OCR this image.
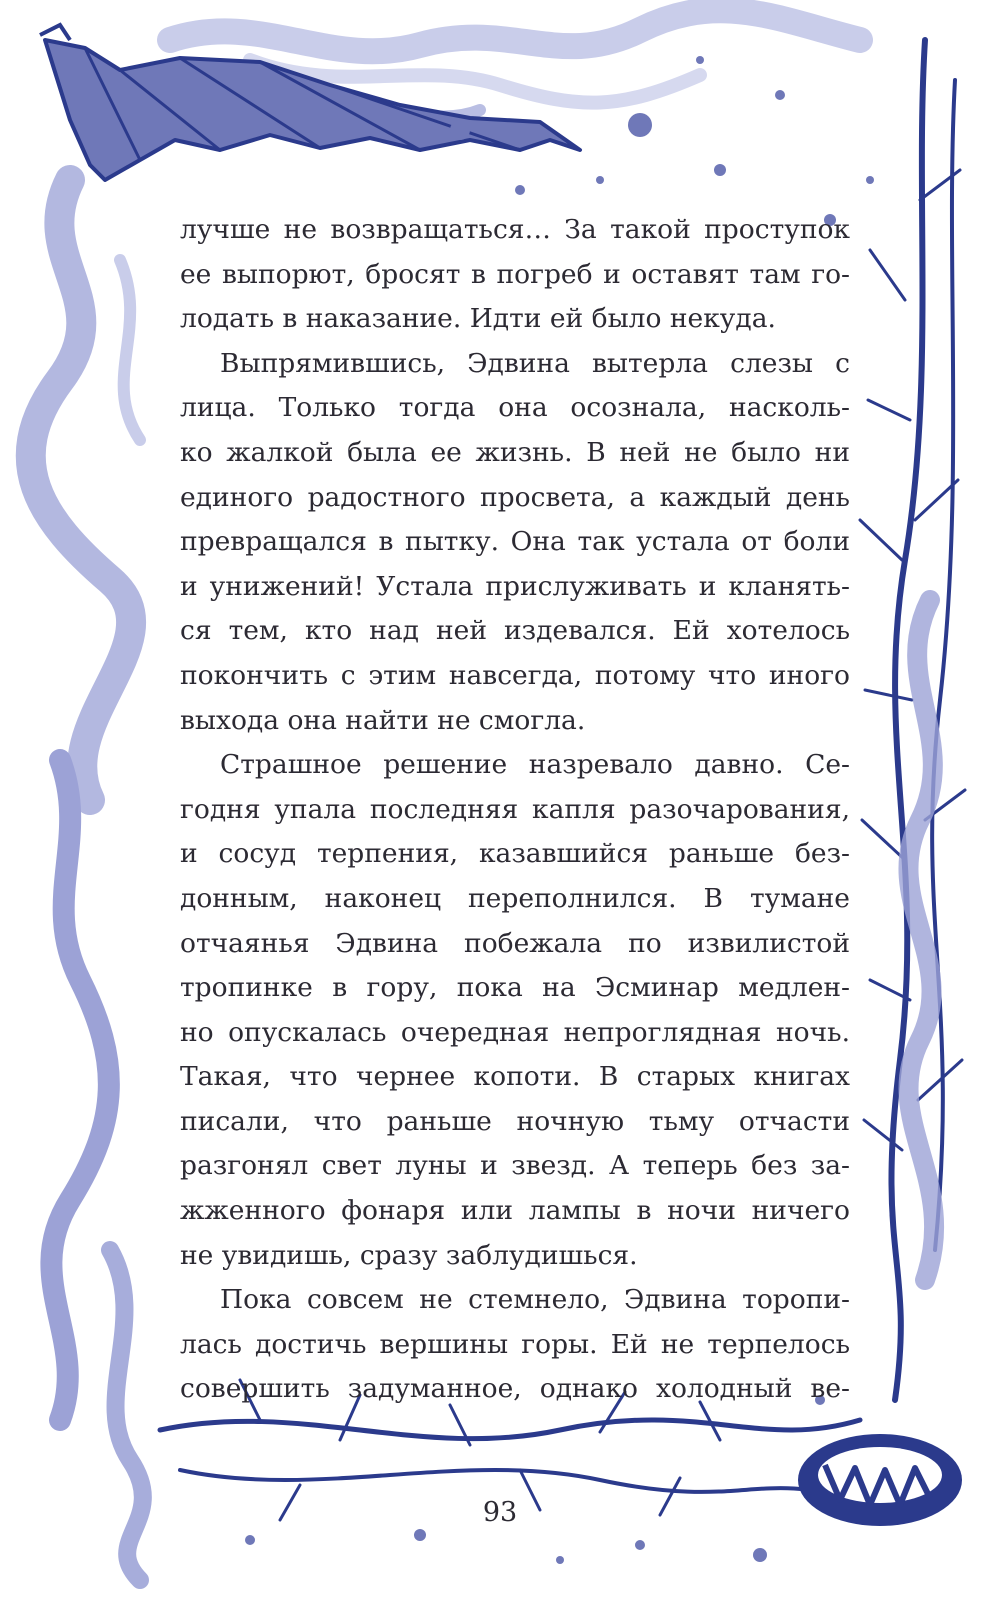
лучше не возвращаться… За такой проступок

ее выпорют, бросят в погреб и оставят там го-

лодать в наказание. Идти ей было некуда.

Выпрямившись, Эдвина вытерла слезы с

лица. Только тогда она осознала, насколь-

ко жалкой была ее жизнь. В ней не было ни

единого радостного просвета, а каждый день

превращался в пытку. Она так устала от боли

и унижений! Устала прислуживать и кланять-

ся тем, кто над ней издевался. Ей хотелось

покончить с этим навсегда, потому что иного

выхода она найти не смогла.

Страшное решение назревало давно. Се-

годня упала последняя капля разочарования,

и сосуд терпения, казавшийся раньше без-

донным, наконец переполнился. В тумане

отчаянья Эдвина побежала по извилистой

тропинке в гору, пока на Эсминар медлен-

но опускалась очередная непроглядная ночь.

Такая, что чернее копоти. В старых книгах

писали, что раньше ночную тьму отчасти

разгонял свет луны и звезд. А теперь без за-

жженного фонаря или лампы в ночи ничего

не увидишь, сразу заблудишься.

Пока совсем не стемнело, Эдвина торопи-

лась достичь вершины горы. Ей не терпелось

совершить задуманное, однако холодный ве-

93
